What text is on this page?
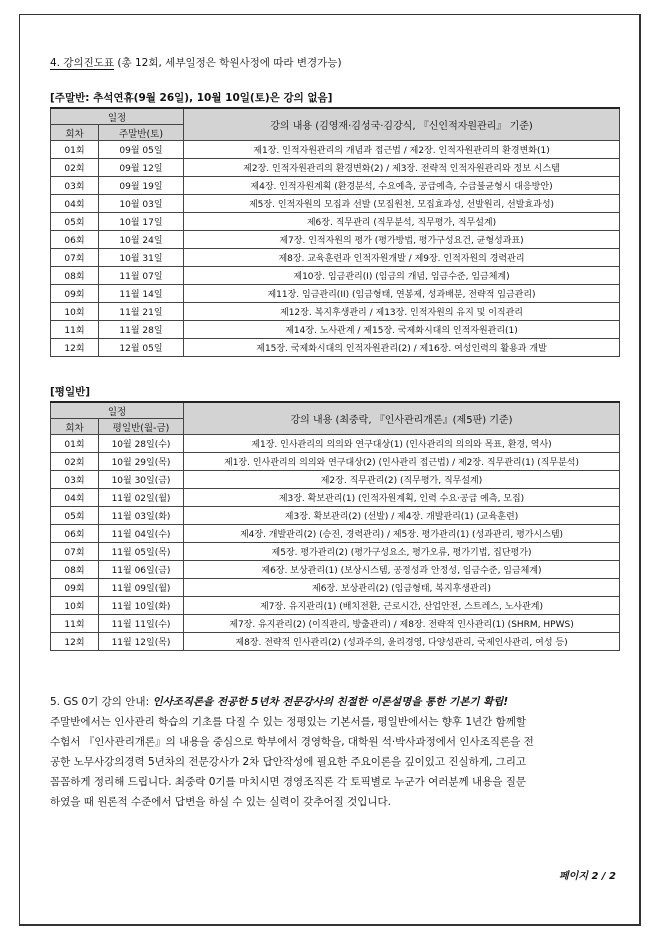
4. 강의진도표 (총 12회, 세부일정은 학원사정에 따라 변경가능)
[주말반: 추석연휴(9월 26일), 10월 10일(토)은 강의 없음]
일정		강의 내용 (김영재·김성국·김강식, 『신인적자원관리』 기준)
회차	주말반(토)	
01회	09월 05일	제1장. 인적자원관리의 개념과 접근법 / 제2장. 인적자원관리의 환경변화(1)
02회	09월 12일	제2장. 인적자원관리의 환경변화(2) / 제3장. 전략적 인적자원관리와 정보 시스템
03회	09월 19일	제4장. 인적자원계획 (환경분석, 수요예측, 공급예측, 수급불균형시 대응방안)
04회	10월 03일	제5장. 인적자원의 모집과 선발 (모집원천, 모집효과성, 선발원리, 선발효과성)
05회	10월 17일	제6장. 직무관리 (직무분석, 직무평가, 직무설계)
06회	10월 24일	제7장. 인적자원의 평가 (평가방법, 평가구성요건, 균형성과표)
07회	10월 31일	제8장. 교육훈련과 인적자원개발 / 제9장. 인적자원의 경력관리
08회	11월 07일	제10장. 임금관리(I) (임금의 개념, 임금수준, 임금체계)
09회	11월 14일	제11장. 임금관리(II) (임금형태, 연봉제, 성과배분, 전략적 임금관리)
10회	11월 21일	제12장. 복지후생관리 / 제13장. 인적자원의 유지 및 이직관리
11회	11월 28일	제14장. 노사관계 / 제15장. 국제화시대의 인적자원관리(1)
12회	12월 05일	제15장. 국제화시대의 인적자원관리(2) / 제16장. 여성인력의 활용과 개발
[평일반]
일정		강의 내용 (최중락, 『인사관리개론』(제5판) 기준)
회차	평일반(월-금)	
01회	10월 28일(수)	제1장. 인사관리의 의의와 연구대상(1) (인사관리의 의의와 목표, 환경, 역사)
02회	10월 29일(목)	제1장. 인사관리의 의의와 연구대상(2) (인사관리 접근법) / 제2장. 직무관리(1) (직무분석)
03회	10월 30일(금)	제2장. 직무관리(2) (직무평가, 직무설계)
04회	11월 02일(월)	제3장. 확보관리(1) (인적자원계획, 인력 수요·공급 예측, 모집)
05회	11월 03일(화)	제3장. 확보관리(2) (선발) / 제4장. 개발관리(1) (교육훈련)
06회	11월 04일(수)	제4장. 개발관리(2) (승진, 경력관리) / 제5장. 평가관리(1) (성과관리, 평가시스템)
07회	11월 05일(목)	제5장. 평가관리(2) (평가구성요소, 평가오류, 평가기법, 집단평가)
08회	11월 06일(금)	제6장. 보상관리(1) (보상시스템, 공정성과 안정성, 임금수준, 임금체계)
09회	11월 09일(월)	제6장. 보상관리(2) (임금형태, 복지후생관리)
10회	11월 10일(화)	제7장. 유지관리(1) (배치전환, 근로시간, 산업안전, 스트레스, 노사관계)
11회	11월 11일(수)	제7장. 유지관리(2) (이직관리, 방출관리) / 제8장. 전략적 인사관리(1) (SHRM, HPWS)
12회	11월 12일(목)	제8장. 전략적 인사관리(2) (성과주의, 윤리경영, 다양성관리, 국제인사관리, 여성 등)

5. GS 0기 강의 안내: 인사조직론을 전공한 5년차 전문강사의 친절한 이론설명을 통한 기본기 확립!

주말반에서는 인사관리 학습의 기초를 다질 수 있는 정평있는 기본서를, 평일반에서는 향후 1년간 함께할

수험서 『인사관리개론』의 내용을 중심으로 학부에서 경영학을, 대학원 석·박사과정에서 인사조직론을 전

공한 노무사강의경력 5년차의 전문강사가 2차 답안작성에 필요한 주요이론을 깊이있고 진실하게, 그리고

꼼꼼하게 정리해 드립니다. 최중락 0기를 마치시면 경영조직론 각 토픽별로 누군가 여러분께 내용을 질문

하였을 때 원론적 수준에서 답변을 하실 수 있는 실력이 갖추어질 것입니다.

페이지 2 / 2
